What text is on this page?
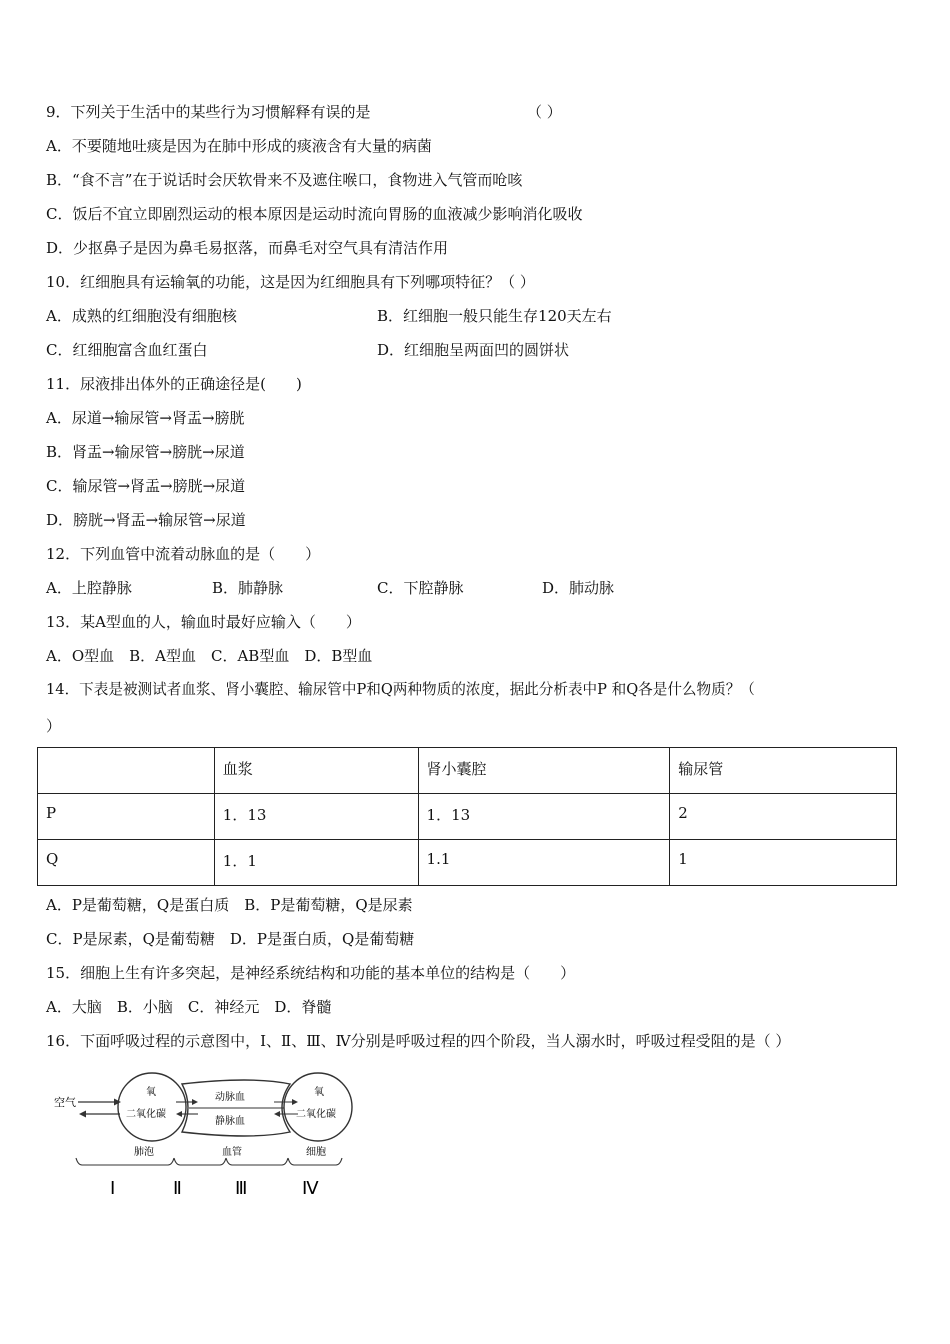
9．下列关于生活中的某些行为习惯解释有误的是	（ ）
A．不要随地吐痰是因为在肺中形成的痰液含有大量的病菌
B．“食不言”在于说话时会厌软骨来不及遮住喉口，食物进入气管而呛咳
C．饭后不宜立即剧烈运动的根本原因是运动时流向胃肠的血液减少影响消化吸收
D．少抠鼻子是因为鼻毛易抠落，而鼻毛对空气具有清洁作用
10．红细胞具有运输氧的功能，这是因为红细胞具有下列哪项特征？（ ）
A．成熟的红细胞没有细胞核	B．红细胞一般只能生存120天左右
C．红细胞富含血红蛋白	D．红细胞呈两面凹的圆饼状
11．尿液排出体外的正确途径是(　　)
A．尿道→输尿管→肾盂→膀胱
B．肾盂→输尿管→膀胱→尿道
C．输尿管→肾盂→膀胱→尿道
D．膀胱→肾盂→输尿管→尿道
12．下列血管中流着动脉血的是（　　）
A．上腔静脉	B．肺静脉	C．下腔静脉	D．肺动脉
13．某A型血的人，输血时最好应输入（　　）
A．O型血　B．A型血　C．AB型血　D．B型血
14．下表是被测试者血浆、肾小囊腔、输尿管中P和Q两种物质的浓度，据此分析表中P 和Q各是什么物质？（
）
	血浆	肾小囊腔	输尿管
P	1．13	1．13	2
Q	1．1	1.1	1
A．P是葡萄糖，Q是蛋白质　B．P是葡萄糖，Q是尿素
C．P是尿素，Q是葡萄糖　D．P是蛋白质，Q是葡萄糖
15．细胞上生有许多突起，是神经系统结构和功能的基本单位的结构是（　　）
A．大脑　B．小脑　C．神经元　D．脊髓
16．下面呼吸过程的示意图中，Ⅰ、Ⅱ、Ⅲ、Ⅳ分别是呼吸过程的四个阶段，当人溺水时，呼吸过程受阻的是（ ）
空气
氧
二氧化碳
动脉血
静脉血
氧
二氧化碳
肺泡	血管	细胞
Ⅰ	Ⅱ	Ⅲ	Ⅳ
